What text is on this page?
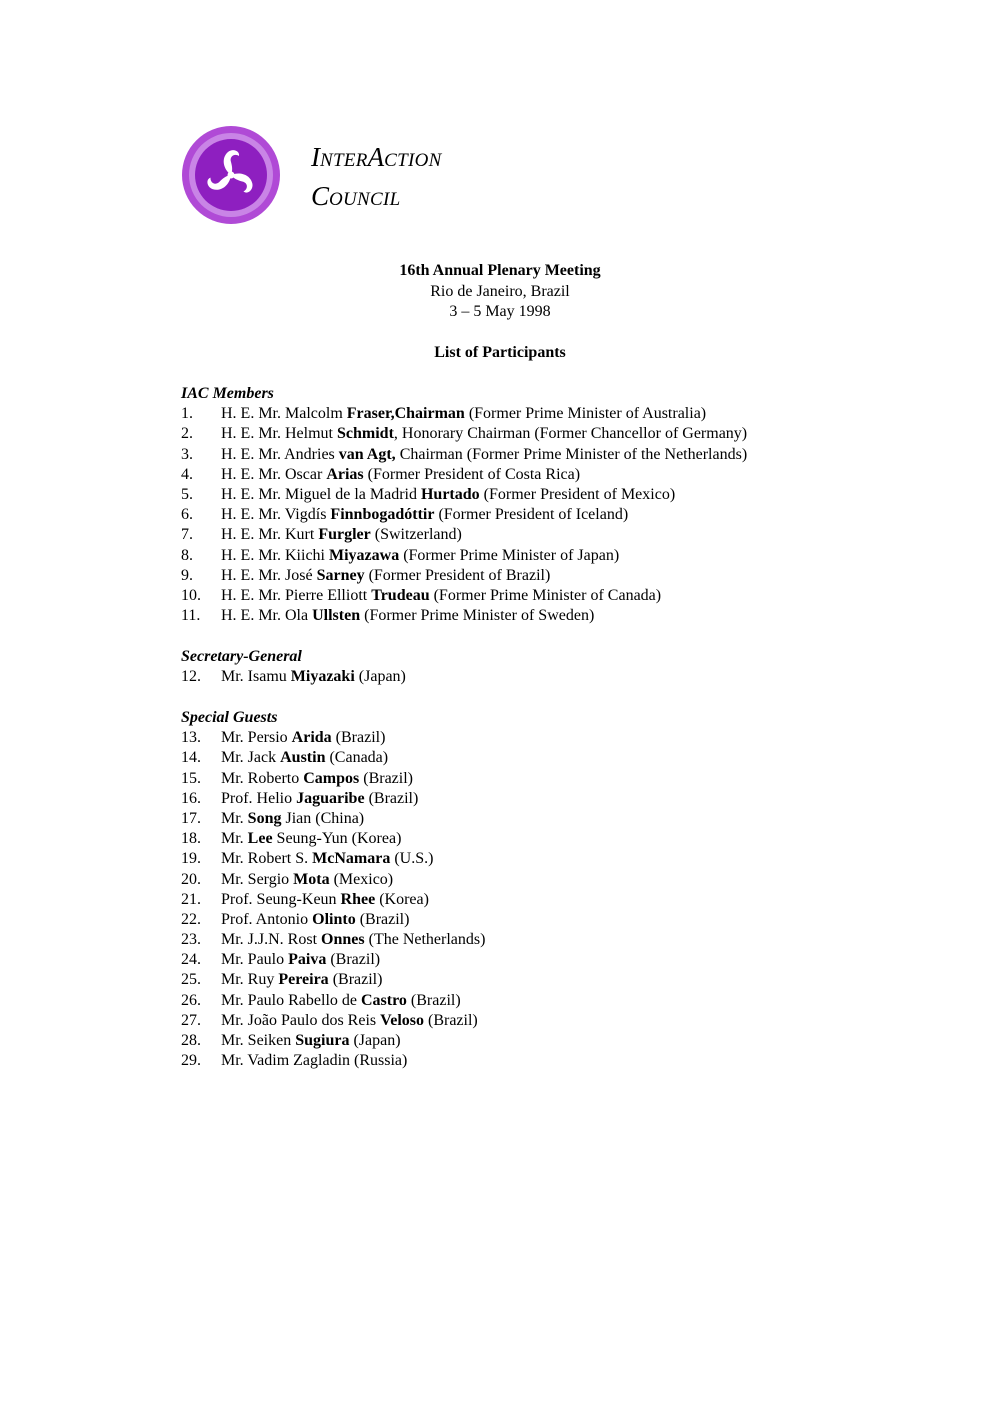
INTERACTION
COUNCIL
16th Annual Plenary Meeting
Rio de Janeiro, Brazil
3 – 5 May 1998
List of Participants
IAC Members
1. H. E. Mr. Malcolm Fraser,Chairman (Former Prime Minister of Australia)
2. H. E. Mr. Helmut Schmidt, Honorary Chairman (Former Chancellor of Germany)
3. H. E. Mr. Andries van Agt, Chairman (Former Prime Minister of the Netherlands)
4. H. E. Mr. Oscar Arias (Former President of Costa Rica)
5. H. E. Mr. Miguel de la Madrid Hurtado (Former President of Mexico)
6. H. E. Mr. Vigdís Finnbogadóttir (Former President of Iceland)
7. H. E. Mr. Kurt Furgler (Switzerland)
8. H. E. Mr. Kiichi Miyazawa (Former Prime Minister of Japan)
9. H. E. Mr. José Sarney (Former President of Brazil)
10. H. E. Mr. Pierre Elliott Trudeau (Former Prime Minister of Canada)
11. H. E. Mr. Ola Ullsten (Former Prime Minister of Sweden)
Secretary-General
12. Mr. Isamu Miyazaki (Japan)
Special Guests
13. Mr. Persio Arida (Brazil)
14. Mr. Jack Austin (Canada)
15. Mr. Roberto Campos (Brazil)
16. Prof. Helio Jaguaribe (Brazil)
17. Mr. Song Jian (China)
18. Mr. Lee Seung-Yun (Korea)
19. Mr. Robert S. McNamara (U.S.)
20. Mr. Sergio Mota (Mexico)
21. Prof. Seung-Keun Rhee (Korea)
22. Prof. Antonio Olinto (Brazil)
23. Mr. J.J.N. Rost Onnes (The Netherlands)
24. Mr. Paulo Paiva (Brazil)
25. Mr. Ruy Pereira (Brazil)
26. Mr. Paulo Rabello de Castro (Brazil)
27. Mr. João Paulo dos Reis Veloso (Brazil)
28. Mr. Seiken Sugiura (Japan)
29. Mr. Vadim Zagladin (Russia)
